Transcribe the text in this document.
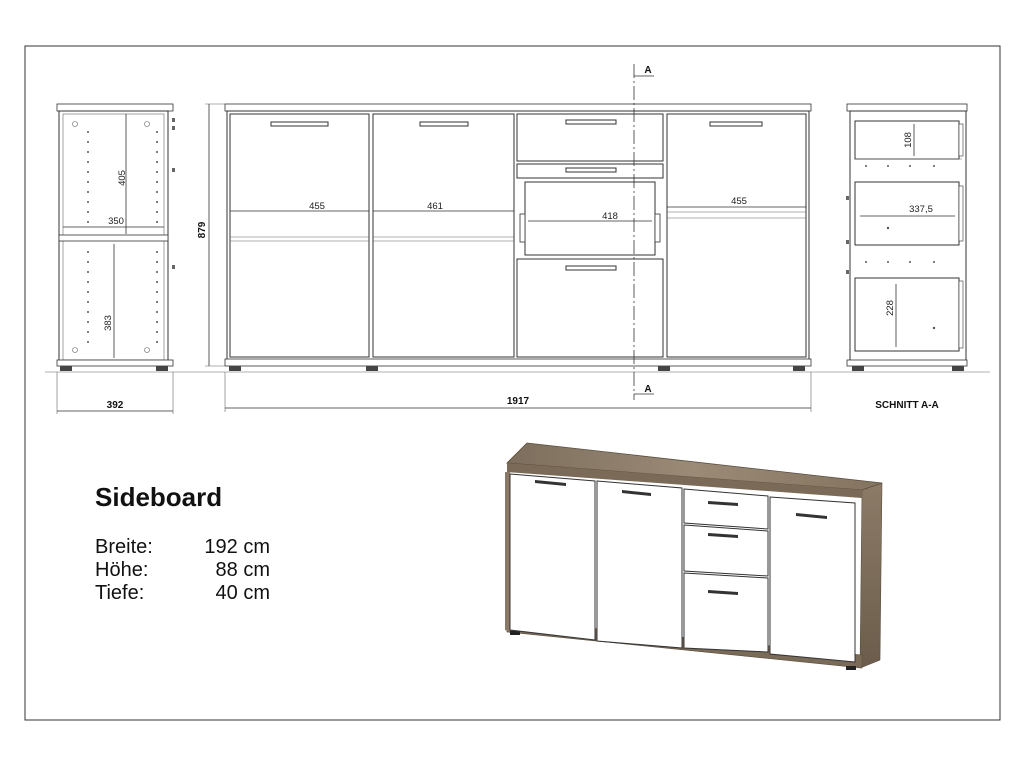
405
383
350
392
455	461
418
455
879
1917
A
A
108
337,5
228
SCHNITT A-A
Sideboard
Breite:	192 cm
Höhe:	88 cm
Tiefe:	40 cm
